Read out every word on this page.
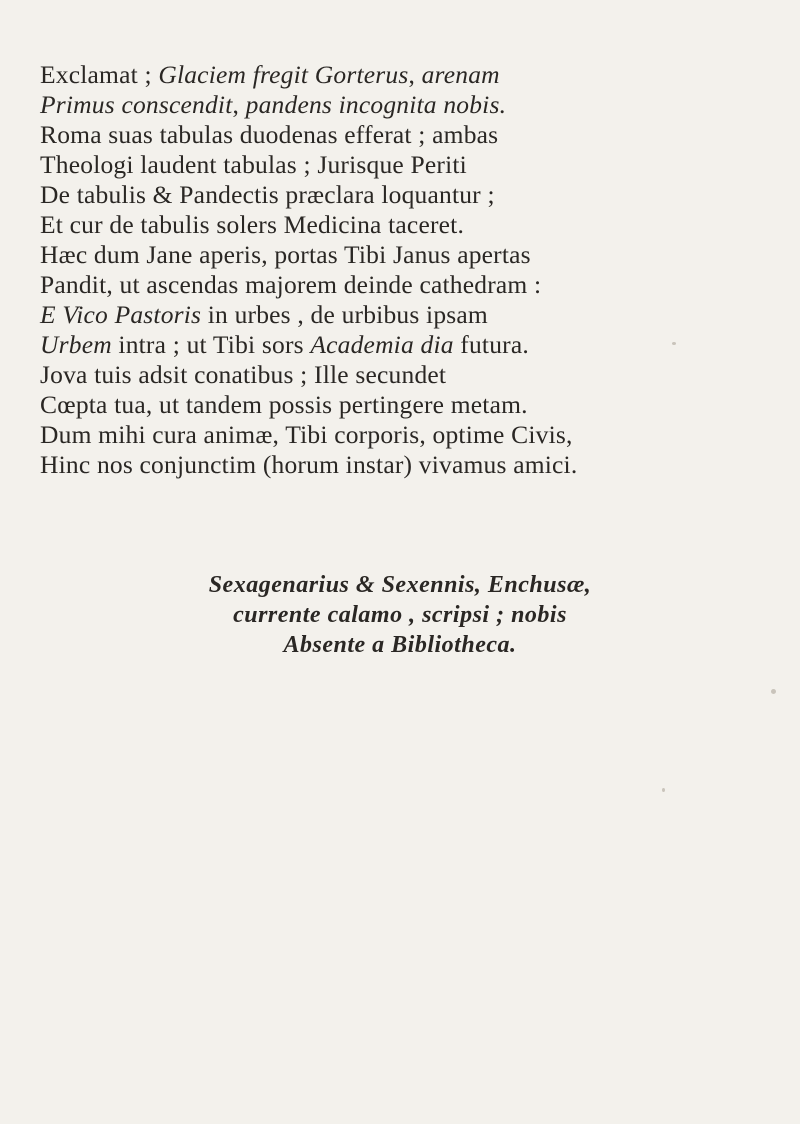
Exclamat ; Glaciem fregit Gorterus, arenam
Primus conscendit, pandens incognita nobis.
Roma suas tabulas duodenas efferat ; ambas
Theologi laudent tabulas ; Jurisque Periti
De tabulis & Pandectis præclara loquantur ;
Et cur de tabulis solers Medicina taceret.
Hæc dum Jane aperis, portas Tibi Janus apertas
Pandit, ut ascendas majorem deinde cathedram :
E Vico Pastoris in urbes , de urbibus ipsam
Urbem intra ; ut Tibi sors Academia dia futura.
Jova tuis adsit conatibus ; Ille secundet
Cœpta tua, ut tandem possis pertingere metam.
Dum mihi cura animæ, Tibi corporis, optime Civis,
Hinc nos conjunctim (horum instar) vivamus amici.
Sexagenarius & Sexennis, Enchusæ,
currente calamo , scripsi ; nobis
Absente a Bibliotheca.
